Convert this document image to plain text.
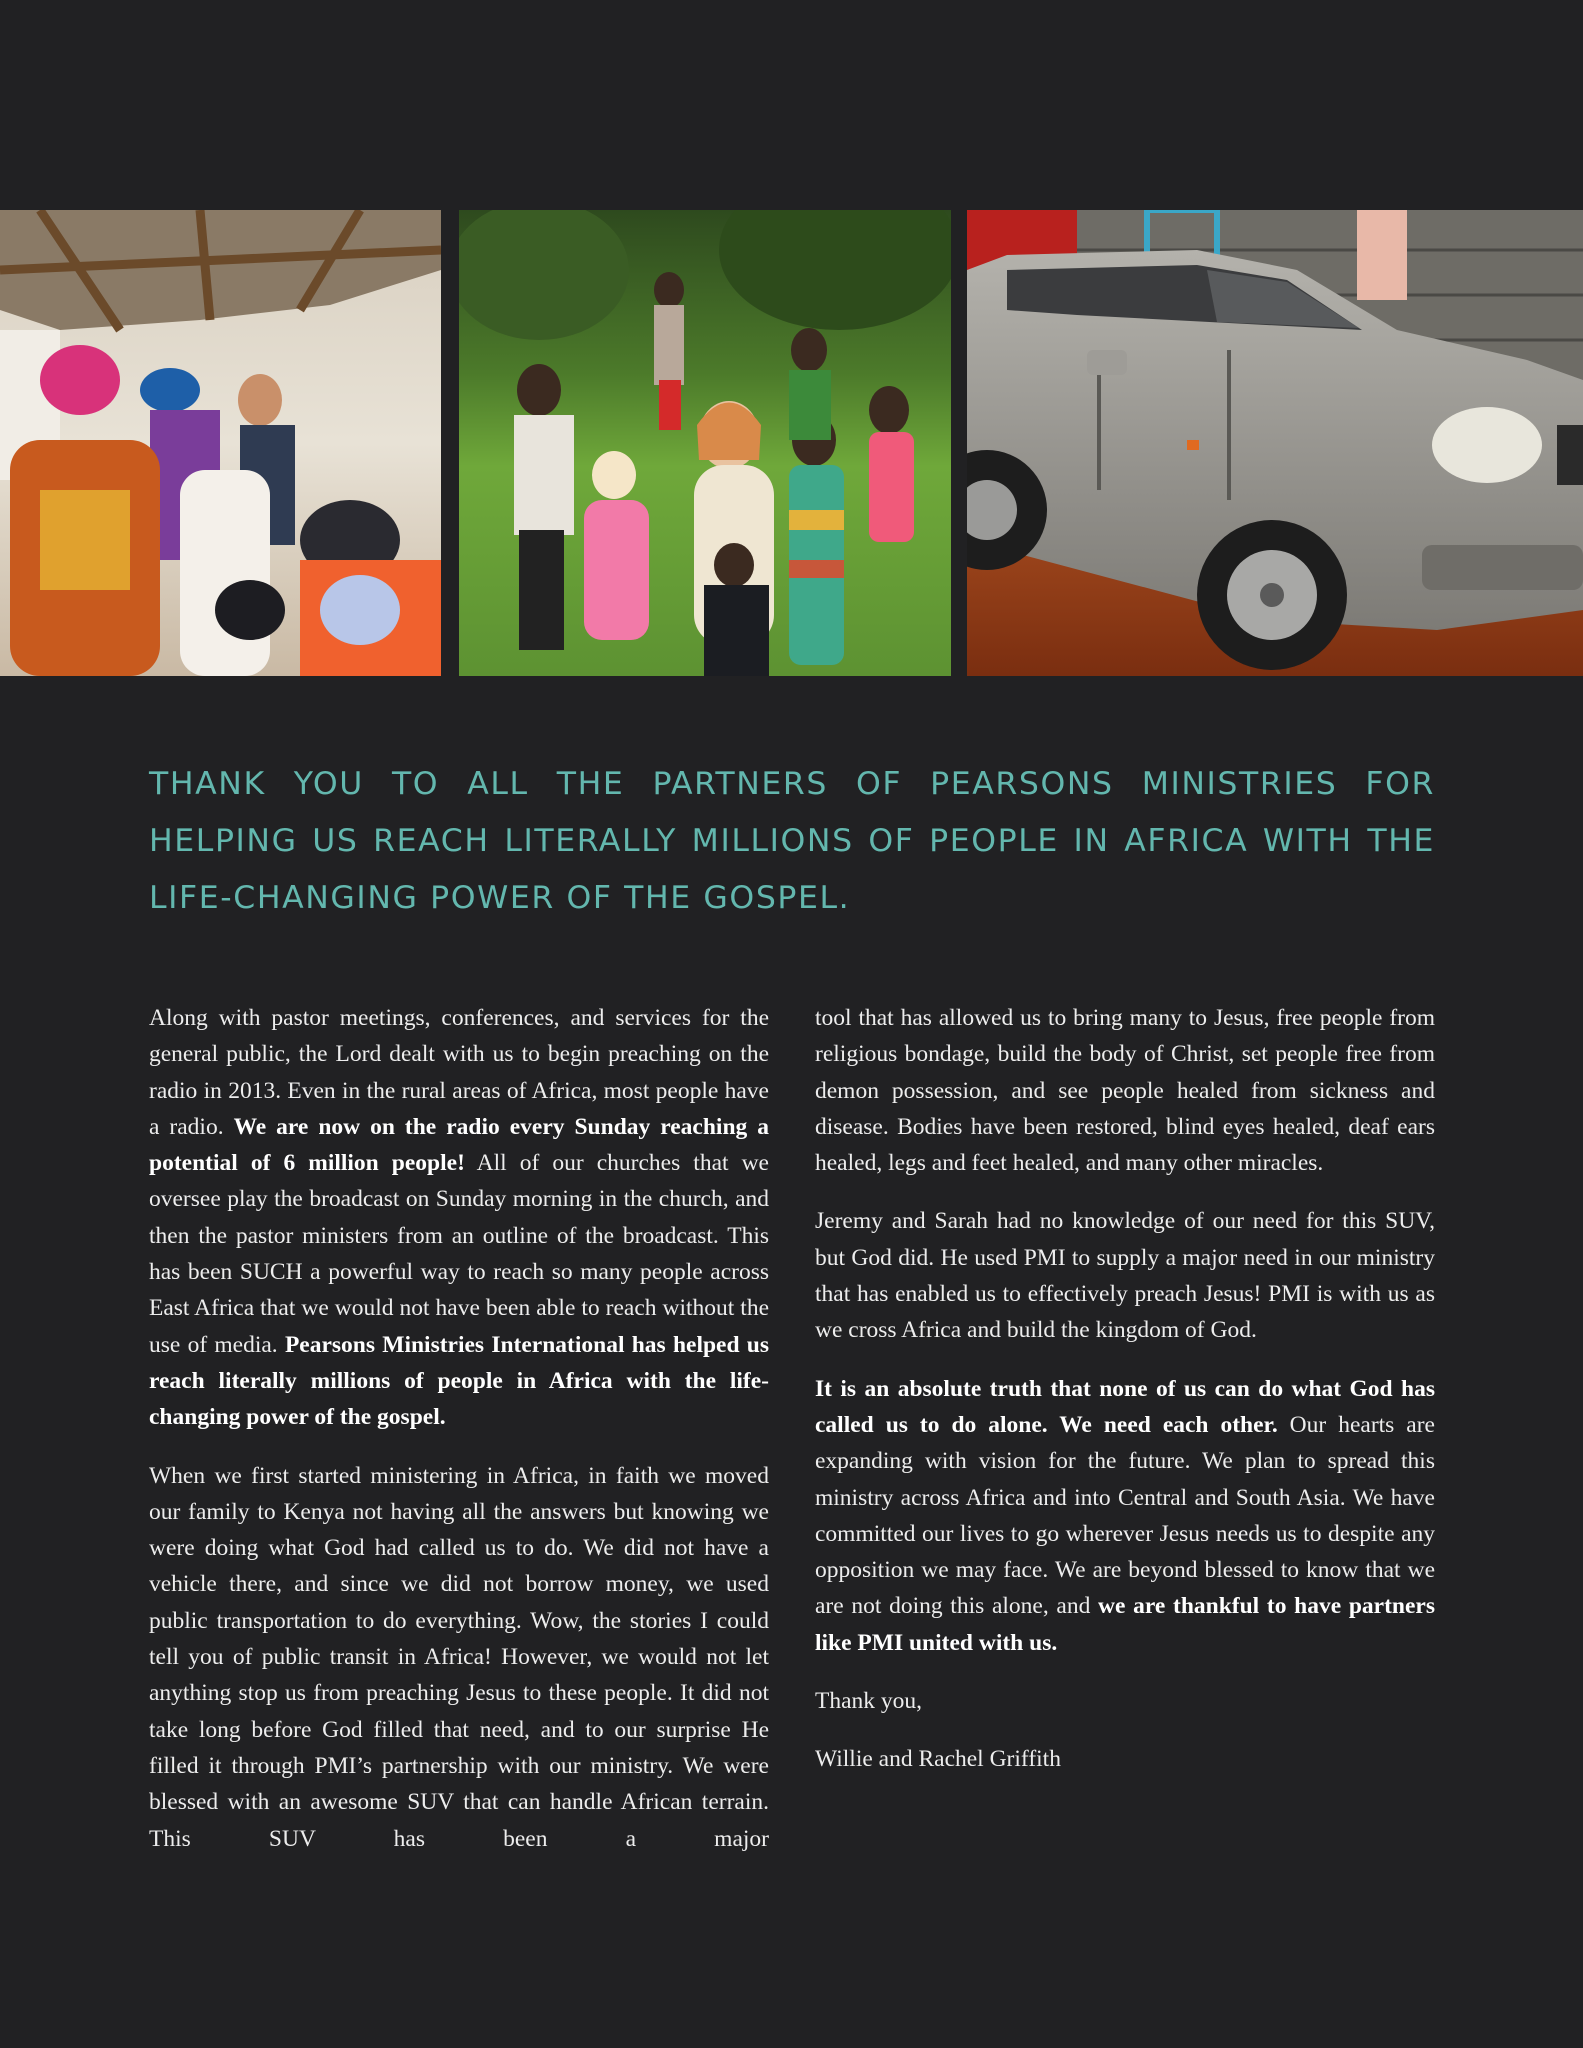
THANK YOU TO ALL THE PARTNERS OF PEARSONS MINISTRIES FOR HELPING US REACH LITERALLY MILLIONS OF PEOPLE IN AFRICA WITH THE LIFE-CHANGING POWER OF THE GOSPEL.

Along with pastor meetings, conferences, and services for the general public, the Lord dealt with us to begin preaching on the radio in 2013. Even in the rural areas of Africa, most people have a radio. We are now on the radio every Sunday reaching a potential of 6 million people! All of our churches that we oversee play the broadcast on Sunday morning in the church, and then the pastor ministers from an outline of the broadcast. This has been SUCH a powerful way to reach so many people across East Africa that we would not have been able to reach without the use of media. Pearsons Ministries International has helped us reach literally millions of people in Africa with the life-changing power of the gospel.

When we first started ministering in Africa, in faith we moved our family to Kenya not having all the answers but knowing we were doing what God had called us to do. We did not have a vehicle there, and since we did not borrow money, we used public transportation to do everything. Wow, the stories I could tell you of public transit in Africa! However, we would not let anything stop us from preaching Jesus to these people. It did not take long before God filled that need, and to our surprise He filled it through PMI’s partnership with our ministry. We were blessed with an awesome SUV that can handle African terrain. This SUV has been a major

tool that has allowed us to bring many to Jesus, free people from religious bondage, build the body of Christ, set people free from demon possession, and see people healed from sickness and disease. Bodies have been restored, blind eyes healed, deaf ears healed, legs and feet healed, and many other miracles.

Jeremy and Sarah had no knowledge of our need for this SUV, but God did. He used PMI to supply a major need in our ministry that has enabled us to effectively preach Jesus! PMI is with us as we cross Africa and build the kingdom of God.

It is an absolute truth that none of us can do what God has called us to do alone. We need each other. Our hearts are expanding with vision for the future. We plan to spread this ministry across Africa and into Central and South Asia. We have committed our lives to go wherever Jesus needs us to despite any opposition we may face. We are beyond blessed to know that we are not doing this alone, and we are thankful to have partners like PMI united with us.

Thank you,

Willie and Rachel Griffith
